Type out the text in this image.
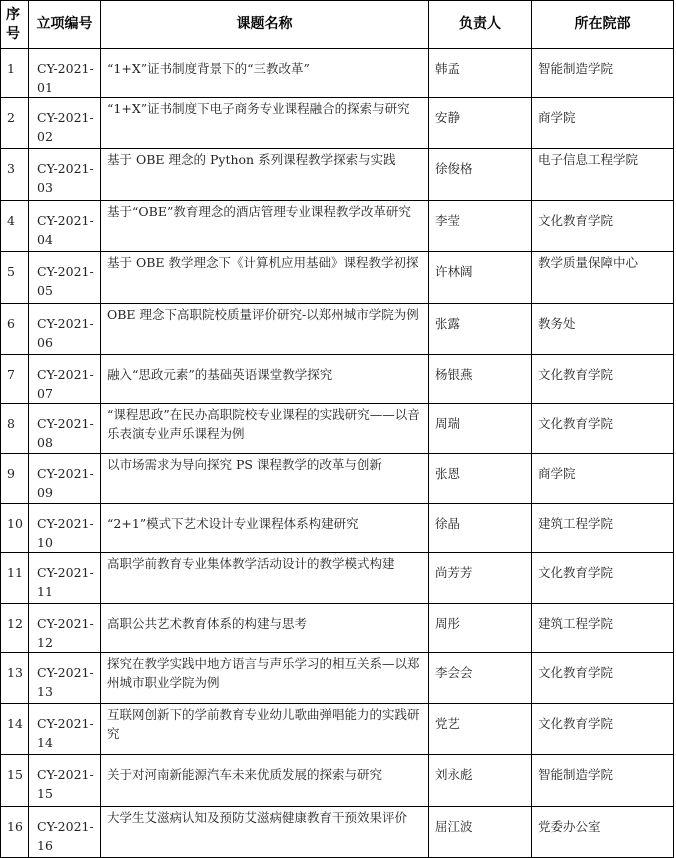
序号	立项编号	课题名称	负责人	所在院部
1	CY-2021-01	“1+X”证书制度背景下的“三教改革”	韩孟	智能制造学院
2	CY-2021-02	“1+X”证书制度下电子商务专业课程融合的探索与研究	安静	商学院
3	CY-2021-03	基于 OBE 理念的 Python 系列课程教学探索与实践	徐俊格	电子信息工程学院
4	CY-2021-04	基于“OBE”教育理念的酒店管理专业课程教学改革研究	李莹	文化教育学院
5	CY-2021-05	基于 OBE 教学理念下《计算机应用基础》课程教学初探	许林阔	教学质量保障中心
6	CY-2021-06	OBE 理念下高职院校质量评价研究-以郑州城市学院为例	张露	教务处
7	CY-2021-07	融入“思政元素”的基础英语课堂教学探究	杨银燕	文化教育学院
8	CY-2021-08	“课程思政”在民办高职院校专业课程的实践研究——以音乐表演专业声乐课程为例	周瑞	文化教育学院
9	CY-2021-09	以市场需求为导向探究 PS 课程教学的改革与创新	张恩	商学院
10	CY-2021-10	“2+1”模式下艺术设计专业课程体系构建研究	徐晶	建筑工程学院
11	CY-2021-11	高职学前教育专业集体教学活动设计的教学模式构建	尚芳芳	文化教育学院
12	CY-2021-12	高职公共艺术教育体系的构建与思考	周彤	建筑工程学院
13	CY-2021-13	探究在教学实践中地方语言与声乐学习的相互关系—以郑州城市职业学院为例	李会会	文化教育学院
14	CY-2021-14	互联网创新下的学前教育专业幼儿歌曲弹唱能力的实践研究	党艺	文化教育学院
15	CY-2021-15	关于对河南新能源汽车未来优质发展的探索与研究	刘永彪	智能制造学院
16	CY-2021-16	大学生艾滋病认知及预防艾滋病健康教育干预效果评价	屈江波	党委办公室
